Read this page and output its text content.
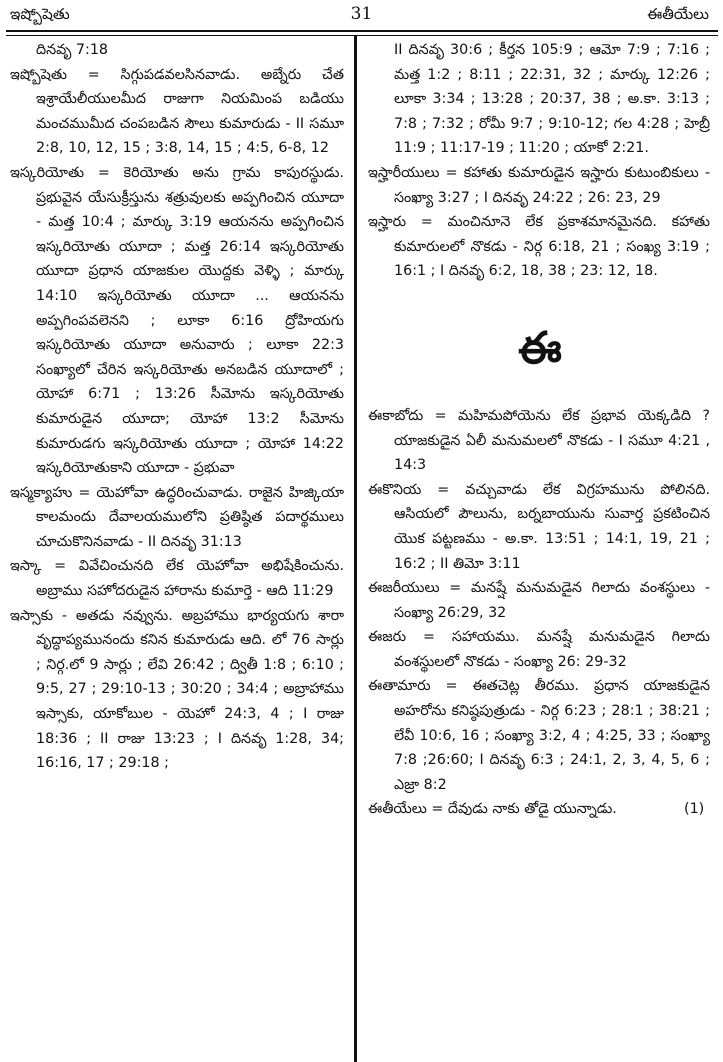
31
ఇష్బోషెతు	ఈతీయేలు

దినవృ 7:18

ఇష్బోషెతు = సిగ్గుపడవలసినవాడు. అబ్నేరు చేత ఇశ్రాయేలీయులమీద రాజుగా నియమింప బడియు మంచముమీద చంపబడిన సౌలు కుమారుడు - II సమూ 2:8, 10, 12, 15 ; 3:8, 14, 15 ; 4:5, 6-8, 12

ఇస్కరియోతు = కెరియోతు అను గ్రామ కాపురస్థుడు. ప్రభువైన యేసుక్రీస్తును శత్రువులకు అప్పగించిన యూదా - మత్త 10:4 ; మార్కు 3:19 ఆయనను అప్పగించిన ఇస్కరియోతు యూదా ; మత్త 26:14 ఇస్కరియోతు యూదా ప్రధాన యాజకుల యొద్దకు వెళ్ళి ; మార్కు 14:10 ఇస్కరియోతు యూదా ... ఆయనను అప్పగింపవలెనని ; లూకా 6:16 ద్రోహియగు ఇస్కరియోతు యూదా అనువారు ; లూకా 22:3 సంఖ్యాలో చేరిన ఇస్కరియోతు అనబడిన యూదాలో ; యోహా 6:71 ; 13:26 సీమోను ఇస్కరియోతు కుమారుడైన యూదా; యోహా 13:2 సీమోను కుమారుడగు ఇస్కరియోతు యూదా ; యోహా 14:22 ఇస్కరియోతుకాని యూదా - ప్రభువా

ఇస్మక్యాహు = యెహోవా ఉద్ధరించువాడు. రాజైన హిజ్కియా కాలమందు దేవాలయములోని ప్రతిష్ఠిత పదార్థములు చూచుకొనినవాడు - II దినవృ 31:13

ఇస్కా = వివేచించునది లేక యెహోవా అభిషేకించును. అబ్రాము సహోదరుడైన హారాను కుమార్తె - ఆది 11:29

ఇస్సాకు - అతడు నవ్వును. అబ్రహాము భార్యయగు శారా వృద్ధాప్యమునందు కనిన కుమారుడు ఆది. లో 76 సార్లు ; నిర్గ.లో 9 సార్లు ; లేవి 26:42 ; ద్వితీ 1:8 ; 6:10 ; 9:5, 27 ; 29:10-13 ; 30:20 ; 34:4 ; అబ్రాహాము ఇస్సాకు, యాకోబుల - యెహో 24:3, 4 ; I రాజు 18:36 ; II రాజు 13:23 ; I దినవృ 1:28, 34; 16:16, 17 ; 29:18 ;

II దినవృ 30:6 ; కీర్తన 105:9 ; ఆమో 7:9 ; 7:16 ; మత్త 1:2 ; 8:11 ; 22:31, 32 ; మార్కు 12:26 ; లూకా 3:34 ; 13:28 ; 20:37, 38 ; అ.కా. 3:13 ; 7:8 ; 7:32 ; రోమీ 9:7 ; 9:10-12; గల 4:28 ; హెబ్రీ 11:9 ; 11:17-19 ; 11:20 ; యాకో 2:21.

ఇస్హారీయులు = కహాతు కుమారుడైన ఇస్హారు కుటుంబికులు - సంఖ్యా 3:27 ; I దినవృ 24:22 ; 26: 23, 29

ఇస్హారు = మంచినూనె లేక ప్రకాశమానమైనది. కహాతు కుమారులలో నొకడు - నిర్గ 6:18, 21 ; సంఖ్య 3:19 ; 16:1 ; I దినవృ 6:2, 18, 38 ; 23: 12, 18.

ఈ

ఈకాబోదు = మహిమపోయెను లేక ప్రభావ యెక్కడిది ? యాజకుడైన ఏలీ మనుమలలో నొకడు - I సమూ 4:21 , 14:3

ఈకొనియ = వచ్చువాడు లేక విగ్రహమును పోలినది. ఆసియలో పౌలును, బర్నబాయును సువార్త ప్రకటించిన యొక పట్టణము - అ.కా. 13:51 ; 14:1, 19, 21 ; 16:2 ; II తిమో 3:11

ఈజరీయులు = మనష్షే మనుమడైన గిలాదు వంశస్థులు - సంఖ్యా 26:29, 32

ఈజరు = సహాయము. మనష్షే మనుమడైన గిలాదు వంశస్థులలో నొకడు - సంఖ్యా 26: 29-32

ఈతామారు = ఈతచెట్ల తీరము. ప్రధాన యాజకుడైన అహరోను కనిష్ఠపుత్రుడు - నిర్గ 6:23 ; 28:1 ; 38:21 ; లేవీ 10:6, 16 ; సంఖ్యా 3:2, 4 ; 4:25, 33 ; సంఖ్యా 7:8 ;26:60; I దినవృ 6:3 ; 24:1, 2, 3, 4, 5, 6 ; ఎజ్రా 8:2

ఈతీయేలు = దేవుడు నాకు తోడై యున్నాడు.	(1)
